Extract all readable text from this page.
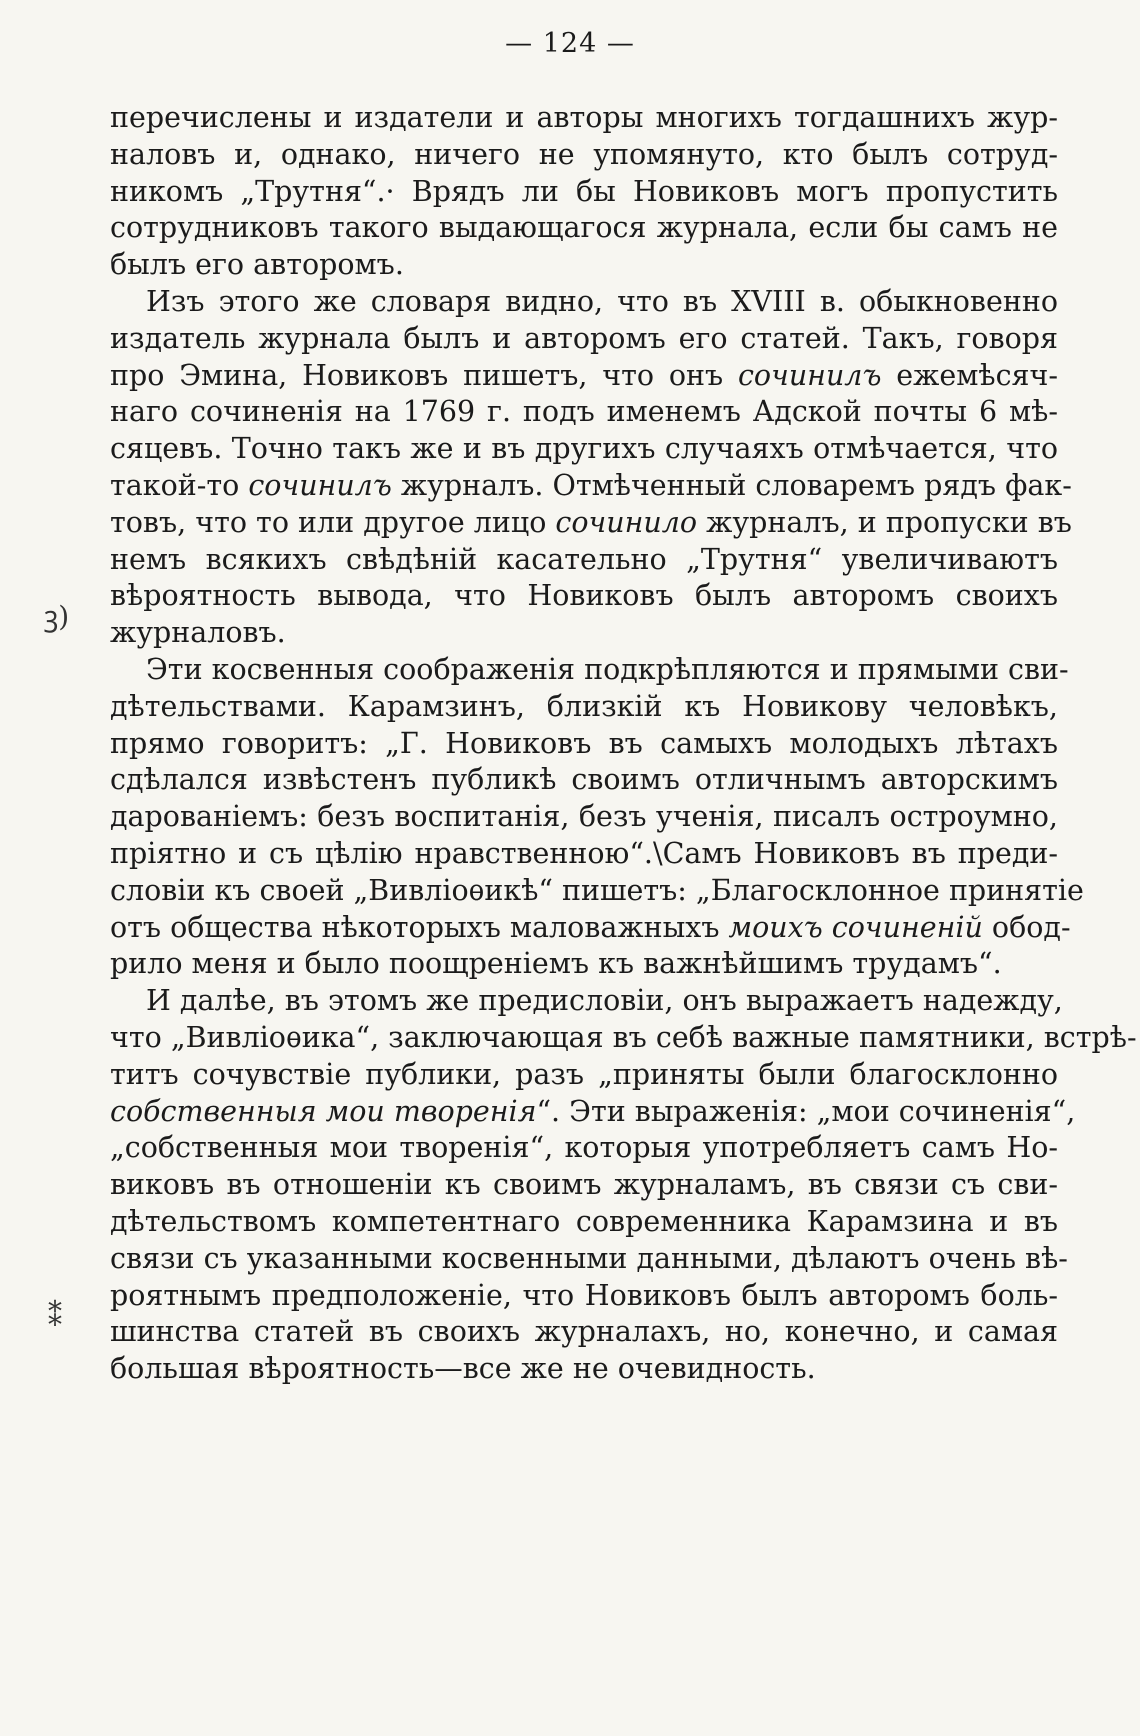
— 124 —
перечислены и издатели и авторы многихъ тогдашнихъ жур-
наловъ и, однако, ничего не упомянуто, кто былъ сотруд-
никомъ „Трутня“.· Врядъ ли бы Новиковъ могъ пропустить
сотрудниковъ такого выдающагося журнала, если бы самъ не
былъ его авторомъ.
Изъ этого же словаря видно, что въ XVIII в. обыкновенно
издатель журнала былъ и авторомъ его статей. Такъ, говоря
про Эмина, Новиковъ пишетъ, что онъ сочинилъ ежемѣсяч-
наго сочиненія на 1769 г. подъ именемъ Адской почты 6 мѣ-
сяцевъ. Точно такъ же и въ другихъ случаяхъ отмѣчается, что
такой-то сочинилъ журналъ. Отмѣченный словаремъ рядъ фак-
товъ, что то или другое лицо сочинило журналъ, и пропуски въ
немъ всякихъ свѣдѣній касательно „Трутня“ увеличиваютъ
вѣроятность вывода, что Новиковъ былъ авторомъ своихъ
журналовъ.
Эти косвенныя соображенія подкрѣпляются и прямыми сви-
дѣтельствами. Карамзинъ, близкій къ Новикову человѣкъ,
прямо говоритъ: „Г. Новиковъ въ самыхъ молодыхъ лѣтахъ
сдѣлался извѣстенъ публикѣ своимъ отличнымъ авторскимъ
дарованіемъ: безъ воспитанія, безъ ученія, писалъ остроумно,
пріятно и съ цѣлію нравственною“.\Самъ Новиковъ въ преди-
словіи къ своей „Вивліоѳикѣ“ пишетъ: „Благосклонное принятіе
отъ общества нѣкоторыхъ маловажныхъ моихъ сочиненій обод-
рило меня и было поощреніемъ къ важнѣйшимъ трудамъ“.
И далѣе, въ этомъ же предисловіи, онъ выражаетъ надежду,
что „Вивліоѳика“, заключающая въ себѣ важные памятники, встрѣ-
титъ сочувствіе публики, разъ „приняты были благосклонно
собственныя мои творенія“. Эти выраженія: „мои сочиненія“,
„собственныя мои творенія“, которыя употребляетъ самъ Но-
виковъ въ отношеніи къ своимъ журналамъ, въ связи съ сви-
дѣтельствомъ компетентнаго современника Карамзина и въ
связи съ указанными косвенными данными, дѣлаютъ очень вѣ-
роятнымъ предположеніе, что Новиковъ былъ авторомъ боль-
шинства статей въ своихъ журналахъ, но, конечно, и самая
большая вѣроятность—все же не очевидность.
ꝫ)
⁑
